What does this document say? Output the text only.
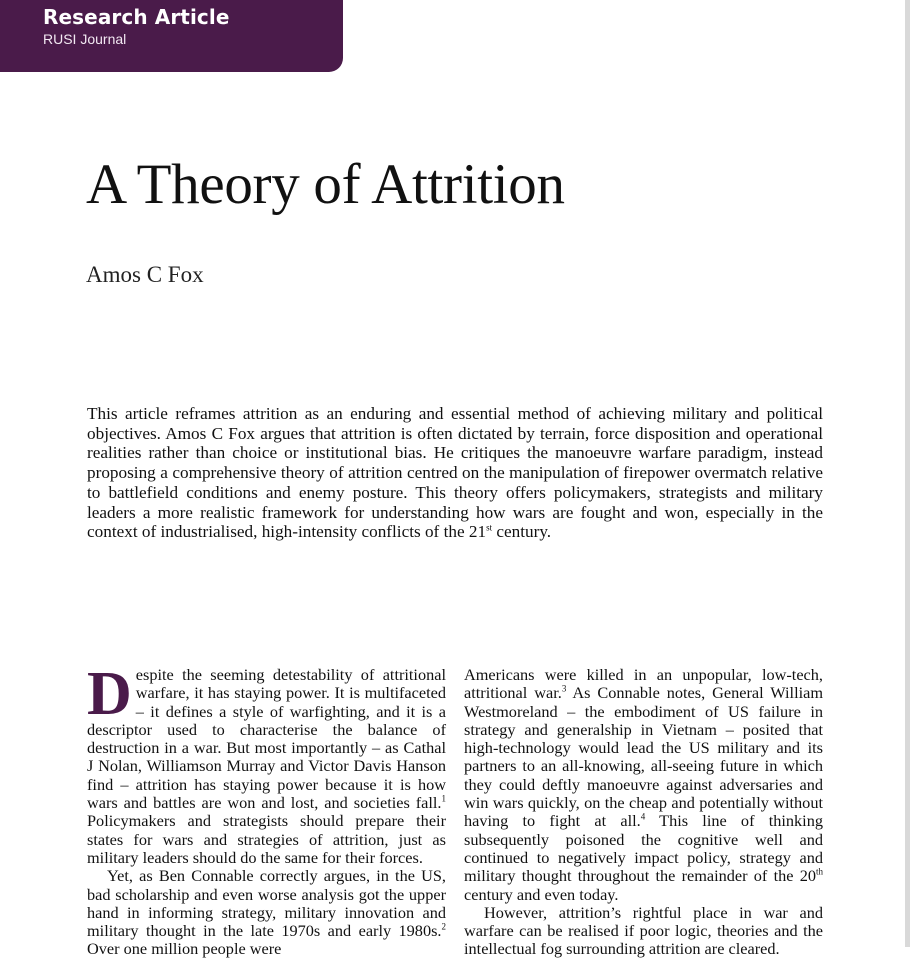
Research Article
RUSI Journal
A Theory of Attrition
Amos C Fox

This article reframes attrition as an enduring and essential method of achieving military and political objectives. Amos C Fox argues that attrition is often dictated by terrain, force disposition and operational realities rather than choice or institutional bias. He critiques the manoeuvre warfare paradigm, instead proposing a comprehensive theory of attrition centred on the manipulation of firepower overmatch relative to battlefield conditions and enemy posture. This theory offers policymakers, strategists and military leaders a more realistic framework for understanding how wars are fought and won, especially in the context of industrialised, high-intensity conflicts of the 21st century.

Despite the seeming detestability of attritional warfare, it has staying power. It is multifaceted – it defines a style of warfighting, and it is a descriptor used to characterise the balance of destruction in a war. But most importantly – as Cathal J Nolan, Williamson Murray and Victor Davis Hanson find – attrition has staying power because it is how wars and battles are won and lost, and societies fall.$^1$ Policymakers and strategists should prepare their states for wars and strategies of attrition, just as military leaders should do the same for their forces.

Yet, as Ben Connable correctly argues, in the US, bad scholarship and even worse analysis got the upper hand in informing strategy, military innovation and military thought in the late 1970s and early 1980s.$^2$ Over one million people were

Americans were killed in an unpopular, low-tech, attritional war.$^3$ As Connable notes, General William Westmoreland – the embodiment of US failure in strategy and generalship in Vietnam – posited that high-technology would lead the US military and its partners to an all-knowing, all-seeing future in which they could deftly manoeuvre against adversaries and win wars quickly, on the cheap and potentially without having to fight at all.$^4$ This line of thinking subsequently poisoned the cognitive well and continued to negatively impact policy, strategy and military thought throughout the remainder of the 20th century and even today.

However, attrition’s rightful place in war and warfare can be realised if poor logic, theories and the intellectual fog surrounding attrition are cleared.
